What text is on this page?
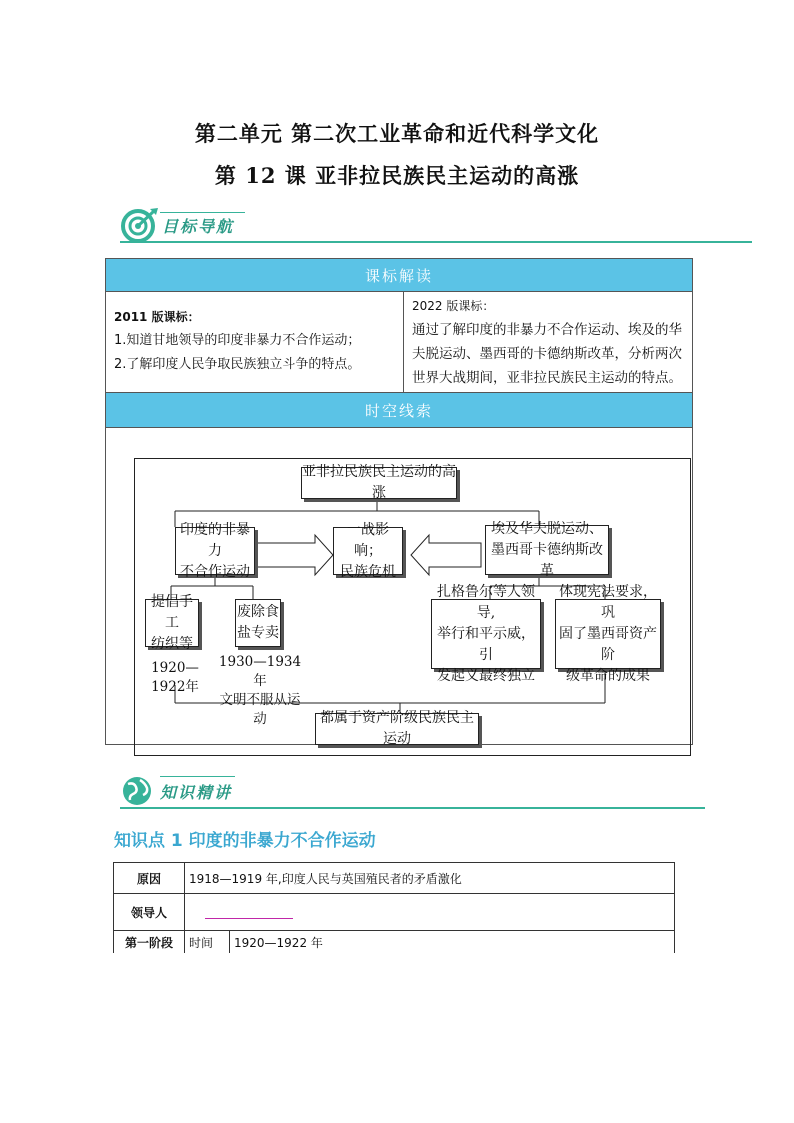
第二单元 第二次工业革命和近代科学文化
第 12 课 亚非拉民族民主运动的高涨
目标导航
课标解读

2011 版课标：
1.知道甘地领导的印度非暴力不合作运动；
2.了解印度人民争取民族独立斗争的特点。

2022 版课标：
通过了解印度的非暴力不合作运动、埃及的华
夫脱运动、墨西哥的卡德纳斯改革，分析两次
世界大战期间，亚非拉民族民主运动的特点。

时空线索

亚非拉民族民主运动的高涨
印度的非暴力
不合作运动
一战影响；
民族危机
埃及华夫脱运动、
墨西哥卡德纳斯改革
提倡手工
纺织等
1920—1922年
废除食
盐专卖
1930—1934年
文明不服从运动
扎格鲁尔等人领导,
举行和平示威，引
发起义最终独立
体现宪法要求，巩
固了墨西哥资产阶
级革命的成果
都属于资产阶级民族民主运动
知识精讲
知识点 1 印度的非暴力不合作运动
原因	1918—1919 年,印度人民与英国殖民者的矛盾激化	
领导人		

第一阶段	时间	1920—1922 年
